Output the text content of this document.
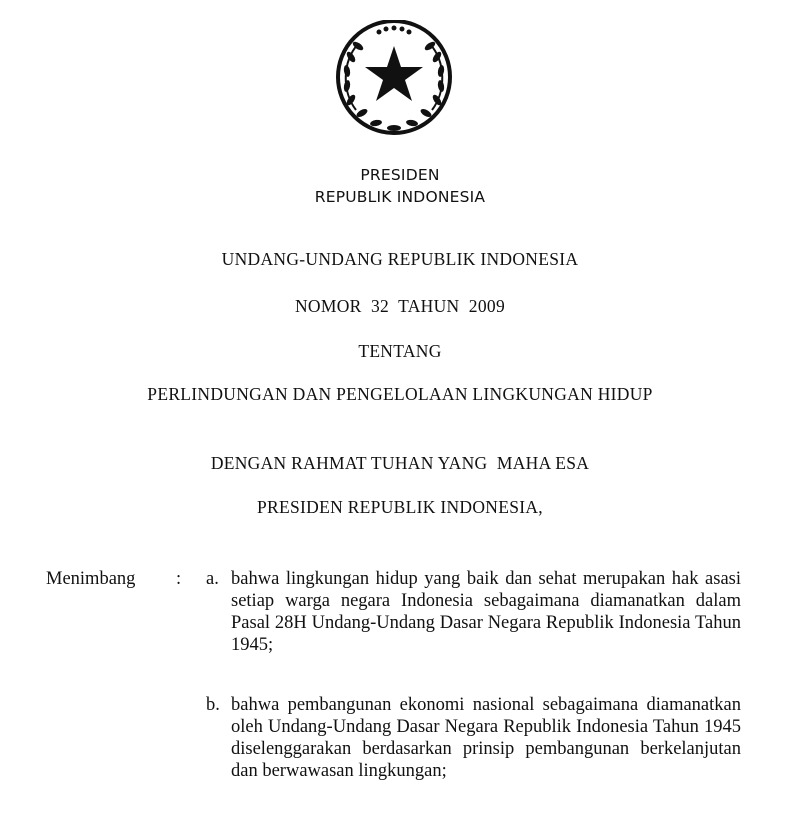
PRESIDEN
REPUBLIK INDONESIA
UNDANG-UNDANG REPUBLIK INDONESIA
NOMOR  32  TAHUN  2009
TENTANG
PERLINDUNGAN DAN PENGELOLAAN LINGKUNGAN HIDUP
DENGAN RAHMAT TUHAN YANG  MAHA ESA
PRESIDEN REPUBLIK INDONESIA,
Menimbang : a. bahwa lingkungan hidup yang baik dan sehat merupakan hak asasi setiap warga negara Indonesia sebagaimana diamanatkan dalam Pasal 28H Undang-Undang Dasar Negara Republik Indonesia Tahun 1945;
b. bahwa pembangunan ekonomi nasional sebagaimana diamanatkan oleh Undang-Undang Dasar Negara Republik Indonesia Tahun 1945 diselenggarakan berdasarkan prinsip pembangunan berkelanjutan dan berwawasan lingkungan;
